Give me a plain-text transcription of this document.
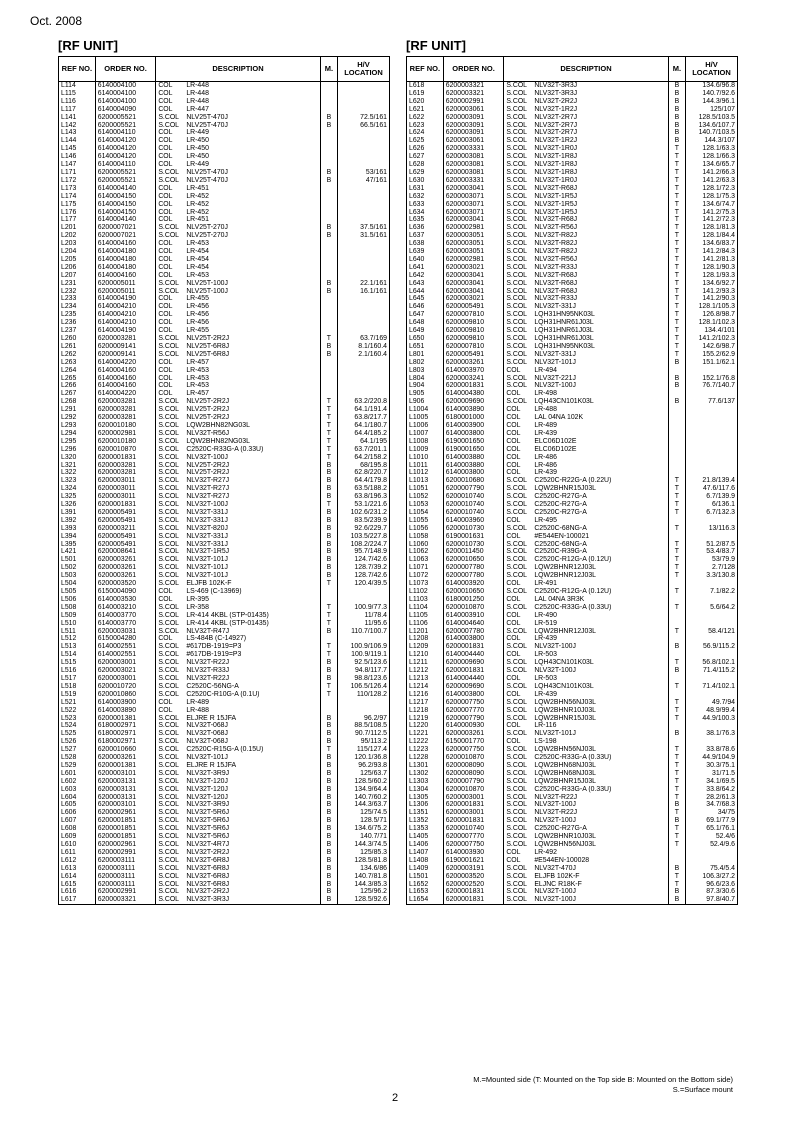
Oct. 2008
[RF UNIT]	[RF UNIT]
REF NO.	ORDER NO.	DESCRIPTION	M.	H/V LOCATION
L114	6140004100	COL LR-448		
L115	6140004100	COL LR-448		
L116	6140004100	COL LR-448		
L117	6140004090	COL LR-447		
L141	6200005521	S.COL NLV25T-470J	B	72.5/161
L142	6200005521	S.COL NLV25T-470J	B	66.5/161
L143	6140004110	COL LR-449		
L144	6140004120	COL LR-450		
L145	6140004120	COL LR-450		
L146	6140004120	COL LR-450		
L147	6140004110	COL LR-449		
L171	6200005521	S.COL NLV25T-470J	B	53/161
L172	6200005521	S.COL NLV25T-470J	B	47/161
L173	6140004140	COL LR-451		
L174	6140004150	COL LR-452		
L175	6140004150	COL LR-452		
L176	6140004150	COL LR-452		
L177	6140004140	COL LR-451		
L201	6200007021	S.COL NLV25T-270J	B	37.5/161
L202	6200007021	S.COL NLV25T-270J	B	31.5/161
L203	6140004160	COL LR-453		
L204	6140004180	COL LR-454		
L205	6140004180	COL LR-454		
L206	6140004180	COL LR-454		
L207	6140004160	COL LR-453		
L231	6200005011	S.COL NLV25T-100J	B	22.1/161
L232	6200005011	S.COL NLV25T-100J	B	16.1/161
L233	6140004190	COL LR-455		
L234	6140004210	COL LR-456		
L235	6140004210	COL LR-456		
L236	6140004210	COL LR-456		
L237	6140004190	COL LR-455		
L260	6200003281	S.COL NLV25T-2R2J	T	63.7/169
L261	6200009141	S.COL NLV25T-6R8J	B	8.1/160.4
L262	6200009141	S.COL NLV25T-6R8J	B	2.1/160.4
L263	6140004220	COL LR-457		
L264	6140004160	COL LR-453		
L265	6140004160	COL LR-453		
L266	6140004160	COL LR-453		
L267	6140004220	COL LR-457		
L268	6200003281	S.COL NLV25T-2R2J	T	63.2/220.8
L291	6200003281	S.COL NLV25T-2R2J	T	64.1/191.4
L292	6200003281	S.COL NLV25T-2R2J	T	63.8/217.7
L293	6200010180	S.COL LQW2BHN82NG03L	T	64.1/180.7
L294	6200002981	S.COL NLV32T-R56J	T	64.4/185.2
L295	6200010180	S.COL LQW2BHN82NG03L	T	64.1/195
L296	6200010870	S.COL C2520C-R33G-A (0.33U)	T	63.7/201.1
L320	6200001831	S.COL NLV32T-100J	T	64.2/158.2
L321	6200003281	S.COL NLV25T-2R2J	B	68/195.8
L322	6200003281	S.COL NLV25T-2R2J	B	62.8/220.7
L323	6200003011	S.COL NLV32T-R27J	B	64.4/179.8
L324	6200003011	S.COL NLV32T-R27J	B	63.5/188.2
L325	6200003011	S.COL NLV32T-R27J	B	63.8/196.3
L326	6200001831	S.COL NLV32T-100J	T	53.1/221.6
L391	6200005491	S.COL NLV32T-331J	B	102.6/231.2
L392	6200005491	S.COL NLV32T-331J	B	83.5/239.9
L393	6200003211	S.COL NLV32T-820J	B	92.6/229.7
L394	6200005491	S.COL NLV32T-331J	B	103.5/227.8
L395	6200005491	S.COL NLV32T-331J	B	108.2/224.7
L421	6200008641	S.COL NLV32T-1R5J	B	95.7/148.9
L501	6200003261	S.COL NLV32T-101J	B	124.7/42.6
L502	6200003261	S.COL NLV32T-101J	B	128.7/39.2
L503	6200003261	S.COL NLV32T-101J	B	128.7/42.6
L504	6200003520	S.COL ELJFB 102K-F	T	120.4/39.5
L505	6150004090	COL LS-469 (C-13969)		
L506	6140003530	COL LR-395		
L508	6140003210	S.COL LR-358	T	100.9/77.3
L509	6140003770	S.COL LR-414 4KBL (STP-01435)	T	11/78.4
L510	6140003770	S.COL LR-414 4KBL (STP-01435)	T	11/95.6
L511	6200003031	S.COL NLV32T-R47J	B	110.7/100.7
L512	6150004280	COL LS-484B (C-14927)		
L513	6140002551	S.COL #617DB-1919=P3	T	100.9/106.9
L514	6140002551	S.COL #617DB-1919=P3	T	100.9/119.1
L515	6200003001	S.COL NLV32T-R22J	B	92.5/123.6
L516	6200003021	S.COL NLV32T-R33J	B	94.8/117.7
L517	6200003001	S.COL NLV32T-R22J	B	98.8/123.6
L518	6200010720	S.COL C2520C-56NG-A	T	106.5/126.4
L519	6200010860	S.COL C2520C-R10G-A (0.1U)	T	110/128.2
L521	6140003900	COL LR-489		
L522	6140003890	COL LR-488		
L523	6200001381	S.COL ELJRE R 15JFA	B	96.2/97
L524	6180002971	S.COL NLV32T-068J	B	88.5/108.5
L525	6180002971	S.COL NLV32T-068J	B	90.7/112.5
L526	6180002971	S.COL NLV32T-068J	B	95/113.2
L527	6200010660	S.COL C2520C-R15G-A (0.15U)	T	115/127.4
L528	6200003261	S.COL NLV32T-101J	B	120.1/36.8
L529	6200001381	S.COL ELJRE R 15JFA	B	96.2/93.8
L601	6200003101	S.COL NLV32T-3R9J	B	125/63.7
L602	6200003131	S.COL NLV32T-120J	B	128.5/60.2
L603	6200003131	S.COL NLV32T-120J	B	134.9/64.4
L604	6200003131	S.COL NLV32T-120J	B	140.7/60.2
L605	6200003101	S.COL NLV32T-3R9J	B	144.3/63.7
L606	6200002961	S.COL NLV32T-5R6J	B	125/74.5
L607	6200001851	S.COL NLV32T-5R6J	B	128.5/71
L608	6200001851	S.COL NLV32T-5R6J	B	134.6/75.2
L609	6200001851	S.COL NLV32T-5R6J	B	140.7/71
L610	6200002961	S.COL NLV32T-4R7J	B	144.3/74.5
L611	6200002991	S.COL NLV32T-2R2J	B	125/85.3
L612	6200003111	S.COL NLV32T-6R8J	B	128.5/81.8
L613	6200003111	S.COL NLV32T-6R8J	B	134.6/86
L614	6200003111	S.COL NLV32T-6R8J	B	140.7/81.8
L615	6200003111	S.COL NLV32T-6R8J	B	144.3/85.3
L616	6200002991	S.COL NLV32T-2R2J	B	125/96.2
L617	6200003321	S.COL NLV32T-3R3J	B	128.5/92.6
REF NO.	ORDER NO.	DESCRIPTION	M.	H/V LOCATION
L618	6200003321	S.COL NLV32T-3R3J	B	134.6/96.8
L619	6200003321	S.COL NLV32T-3R3J	B	140.7/92.6
L620	6200002991	S.COL NLV32T-2R2J	B	144.3/96.1
L621	6200003061	S.COL NLV32T-1R2J	B	125/107
L622	6200003091	S.COL NLV32T-2R7J	B	128.5/103.5
L623	6200003091	S.COL NLV32T-2R7J	B	134.6/107.7
L624	6200003091	S.COL NLV32T-2R7J	B	140.7/103.5
L625	6200003061	S.COL NLV32T-1R2J	B	144.3/107
L626	6200003331	S.COL NLV32T-1R0J	T	128.1/63.3
L627	6200003081	S.COL NLV32T-1R8J	T	128.1/66.3
L628	6200003081	S.COL NLV32T-1R8J	T	134.6/65.7
L629	6200003081	S.COL NLV32T-1R8J	T	141.2/66.3
L630	6200003331	S.COL NLV32T-1R0J	T	141.2/63.3
L631	6200003041	S.COL NLV32T-R68J	T	128.1/72.3
L632	6200003071	S.COL NLV32T-1R5J	T	128.1/75.3
L633	6200003071	S.COL NLV32T-1R5J	T	134.6/74.7
L634	6200003071	S.COL NLV32T-1R5J	T	141.2/75.3
L635	6200003041	S.COL NLV32T-R68J	T	141.2/72.3
L636	6200002981	S.COL NLV32T-R56J	T	128.1/81.3
L637	6200003051	S.COL NLV32T-R82J	T	128.1/84.4
L638	6200003051	S.COL NLV32T-R82J	T	134.6/83.7
L639	6200003051	S.COL NLV32T-R82J	T	141.2/84.3
L640	6200002981	S.COL NLV32T-R56J	T	141.2/81.3
L641	6200003021	S.COL NLV32T-R33J	T	128.1/90.3
L642	6200003041	S.COL NLV32T-R68J	T	128.1/93.3
L643	6200003041	S.COL NLV32T-R68J	T	134.6/92.7
L644	6200003041	S.COL NLV32T-R68J	T	141.2/93.3
L645	6200003021	S.COL NLV32T-R33J	T	141.2/90.3
L646	6200005491	S.COL NLV32T-331J	T	128.1/105.3
L647	6200007810	S.COL LQH31HN95NK03L	T	126.8/98.7
L648	6200009810	S.COL LQH31HNR61J03L	T	128.1/102.3
L649	6200009810	S.COL LQH31HNR61J03L	T	134.4/101
L650	6200009810	S.COL LQH31HNR61J03L	T	141.2/102.3
L651	6200007810	S.COL LQH31HN95NK03L	T	142.6/98.7
L801	6200005491	S.COL NLV32T-331J	T	155.2/62.9
L802	6200003261	S.COL NLV32T-101J	B	151.1/62.1
L803	6140003970	COL LR-494		
L804	6200003241	S.COL NLV32T-221J	B	152.1/76.8
L904	6200001831	S.COL NLV32T-100J	B	76.7/140.7
L905	6140004380	COL LR-498		
L906	6200009690	S.COL LQH43CN101K03L	B	77.6/137
L1004	6140003890	COL LR-488		
L1005	6180001000	COL LAL 04NA 102K		
L1006	6140003900	COL LR-489		
L1007	6140003800	COL LR-439		
L1008	6190001650	COL ELC06D102E		
L1009	6190001650	COL ELC06D102E		
L1010	6140003880	COL LR-486		
L1011	6140003880	COL LR-486		
L1012	6140003800	COL LR-439		
L1013	6200010680	S.COL C2520C-R22G-A (0.22U)	T	21.8/139.4
L1051	6200007790	S.COL LQW2BHNR15J03L	T	47.6/117.6
L1052	6200010740	S.COL C2520C-R27G-A	T	6.7/139.9
L1053	6200010740	S.COL C2520C-R27G-A	T	6/136.1
L1054	6200010740	S.COL C2520C-R27G-A	T	6.7/132.3
L1055	6140003960	COL LR-495		
L1056	6200010730	S.COL C2520C-68NG-A	T	13/116.3
L1058	6190001631	COL #E544EN-100021		
L1060	6200010730	S.COL C2520C-68NG-A	T	51.2/87.5
L1062	6200011450	S.COL C2520C-R39G-A	T	53.4/83.7
L1063	6200010650	S.COL C2520C-R12G-A (0.12U)	T	53/79.9
L1071	6200007780	S.COL LQW2BHNR12J03L	T	2.7/128
L1072	6200007780	S.COL LQW2BHNR12J03L	T	3.3/130.8
L1073	6140003920	COL LR-491		
L1102	6200010650	S.COL C2520C-R12G-A (0.12U)	T	7.1/82.2
L1103	6180001250	COL LAL 04NA 3R3K		
L1104	6200010870	S.COL C2520C-R33G-A (0.33U)	T	5.6/64.2
L1105	6140003910	COL LR-490		
L1106	6140004640	COL LR-519		
L1201	6200007780	S.COL LQW2BHNR12J03L	T	58.4/121
L1208	6140003800	COL LR-439		
L1209	6200001831	S.COL NLV32T-100J	B	56.9/115.2
L1210	6140004440	COL LR-503		
L1211	6200009690	S.COL LQH43CN101K03L	T	56.8/102.1
L1212	6200001831	S.COL NLV32T-100J	B	71.4/115.2
L1213	6140004440	COL LR-503		
L1214	6200009690	S.COL LQH43CN101K03L	T	71.4/102.1
L1216	6140003800	COL LR-439		
L1217	6200007750	S.COL LQW2BHN56NJ03L	T	49.7/94
L1218	6200007770	S.COL LQW2BHNR10J03L	T	48.9/99.4
L1219	6200007790	S.COL LQW2BHNR15J03L	T	44.9/100.3
L1220	6140000930	COL LR-116		
L1221	6200003261	S.COL NLV32T-101J	B	38.1/76.3
L1222	6150001770	COL LS-198		
L1223	6200007750	S.COL LQW2BHN56NJ03L	T	33.8/78.6
L1228	6200010870	S.COL C2520C-R33G-A (0.33U)	T	44.9/104.9
L1301	6200008090	S.COL LQW2BHN68NJ03L	T	30.3/75.1
L1302	6200008090	S.COL LQW2BHN68NJ03L	T	31/71.5
L1303	6200007790	S.COL LQW2BHNR15J03L	T	34.1/69.5
L1304	6200010870	S.COL C2520C-R33G-A (0.33U)	T	33.8/64.2
L1305	6200003001	S.COL NLV32T-R22J	T	28.2/61.3
L1306	6200001831	S.COL NLV32T-100J	B	34.7/68.3
L1351	6200003001	S.COL NLV32T-R22J	T	34/75
L1352	6200001831	S.COL NLV32T-100J	B	69.1/77.9
L1353	6200010740	S.COL C2520C-R27G-A	T	65.1/76.1
L1405	6200007770	S.COL LQW2BHNR10J03L	T	52.4/6
L1406	6200007750	S.COL LQW2BHN56NJ03L	T	52.4/9.6
L1407	6140003930	COL LR-492		
L1408	6190001621	COL #E544EN-100028		
L1409	6200003191	S.COL NLV32T-470J	B	75.4/5.4
L1501	6200003520	S.COL ELJFB 102K-F	T	106.3/27.2
L1652	6200002520	S.COL ELJNC R18K-F	T	96.6/23.6
L1653	6200001831	S.COL NLV32T-100J	B	87.3/30.6
L1654	6200001831	S.COL NLV32T-100J	B	97.8/40.7
M.=Mounted side (T: Mounted on the Top side B: Mounted on the Bottom side)
S.=Surface mount
2
